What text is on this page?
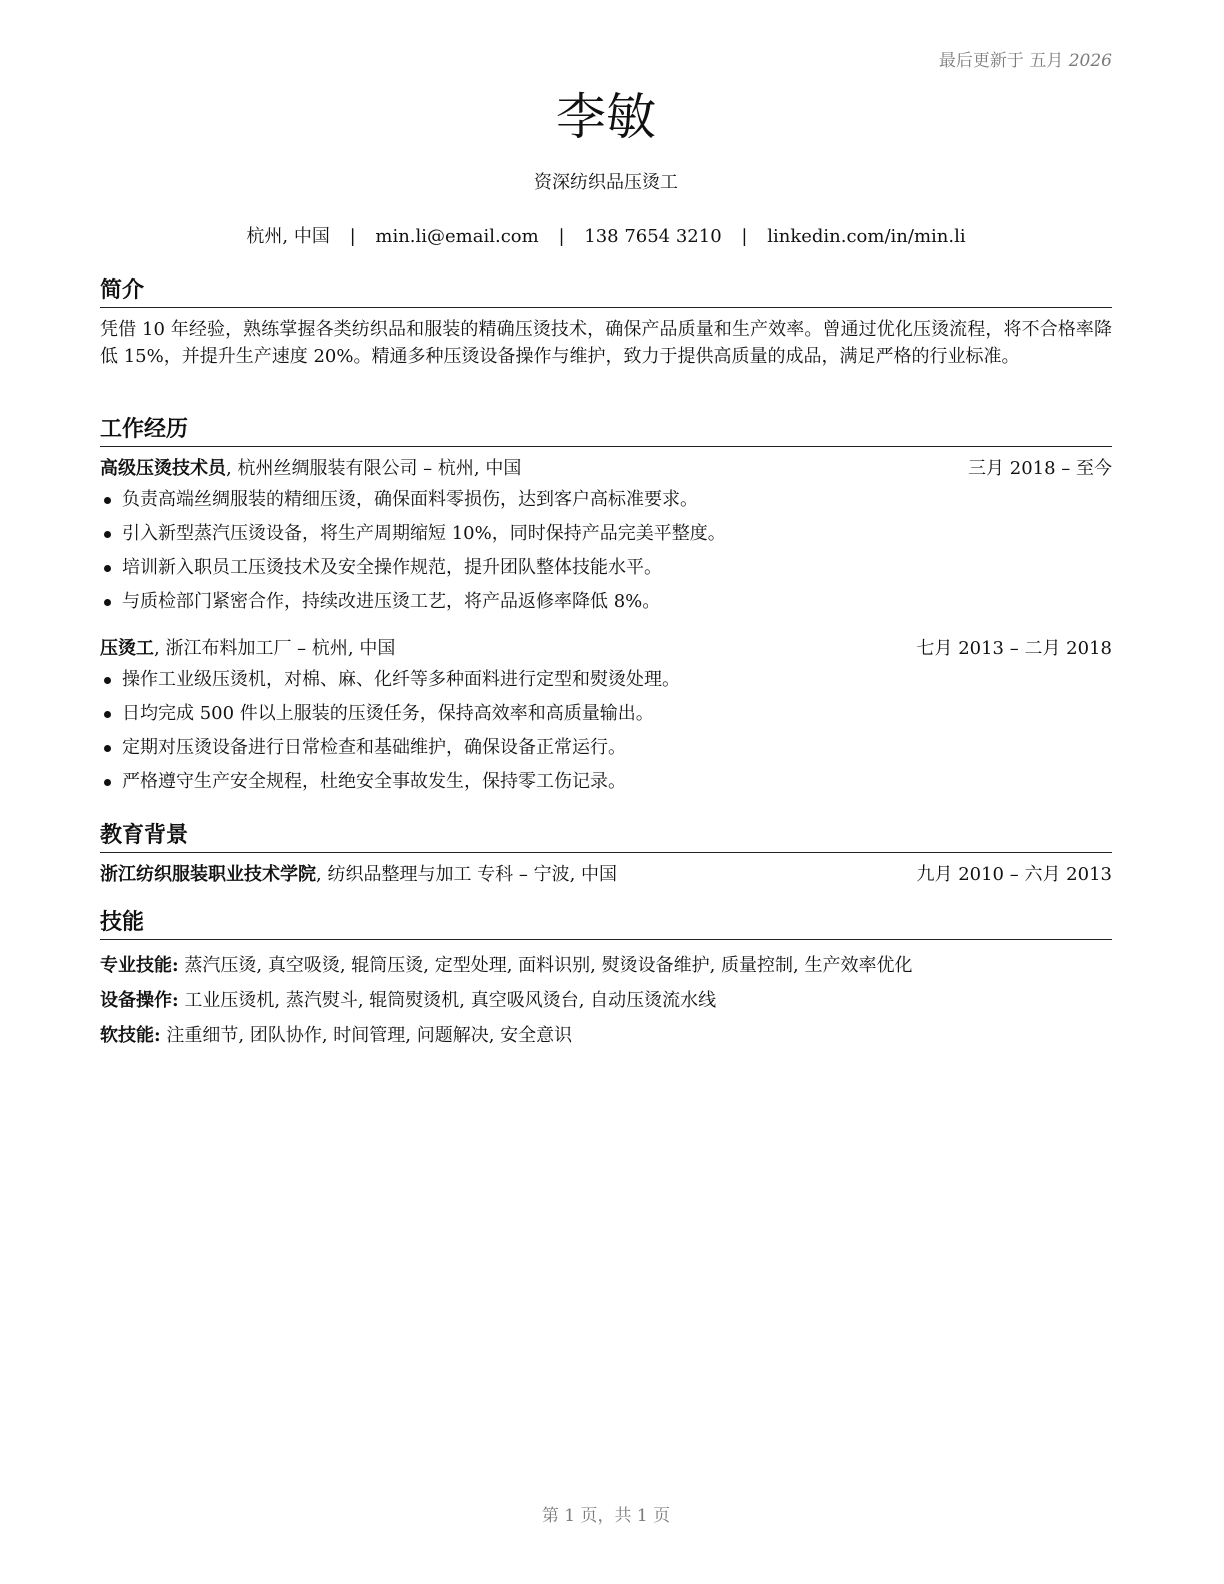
最后更新于 五月 2026
李敏
资深纺织品压烫工
杭州, 中国 | min.li@email.com | 138 7654 3210 | linkedin.com/in/min.li
简介

凭借 10 年经验，熟练掌握各类纺织品和服装的精确压烫技术，确保产品质量和生产效率。曾通过优化压烫流程，将不合格率降低 15%，并提升生产速度 20%。精通多种压烫设备操作与维护，致力于提供高质量的成品，满足严格的行业标准。

工作经历
高级压烫技术员, 杭州丝绸服装有限公司 – 杭州, 中国	三月 2018 – 至今
负责高端丝绸服装的精细压烫，确保面料零损伤，达到客户高标准要求。
引入新型蒸汽压烫设备，将生产周期缩短 10%，同时保持产品完美平整度。
培训新入职员工压烫技术及安全操作规范，提升团队整体技能水平。
与质检部门紧密合作，持续改进压烫工艺，将产品返修率降低 8%。
压烫工, 浙江布料加工厂 – 杭州, 中国	七月 2013 – 二月 2018
操作工业级压烫机，对棉、麻、化纤等多种面料进行定型和熨烫处理。
日均完成 500 件以上服装的压烫任务，保持高效率和高质量输出。
定期对压烫设备进行日常检查和基础维护，确保设备正常运行。
严格遵守生产安全规程，杜绝安全事故发生，保持零工伤记录。
教育背景
浙江纺织服装职业技术学院, 纺织品整理与加工 专科 – 宁波, 中国	九月 2010 – 六月 2013
技能
专业技能: 蒸汽压烫, 真空吸烫, 辊筒压烫, 定型处理, 面料识别, 熨烫设备维护, 质量控制, 生产效率优化
设备操作: 工业压烫机, 蒸汽熨斗, 辊筒熨烫机, 真空吸风烫台, 自动压烫流水线
软技能: 注重细节, 团队协作, 时间管理, 问题解决, 安全意识
第 1 页，共 1 页
